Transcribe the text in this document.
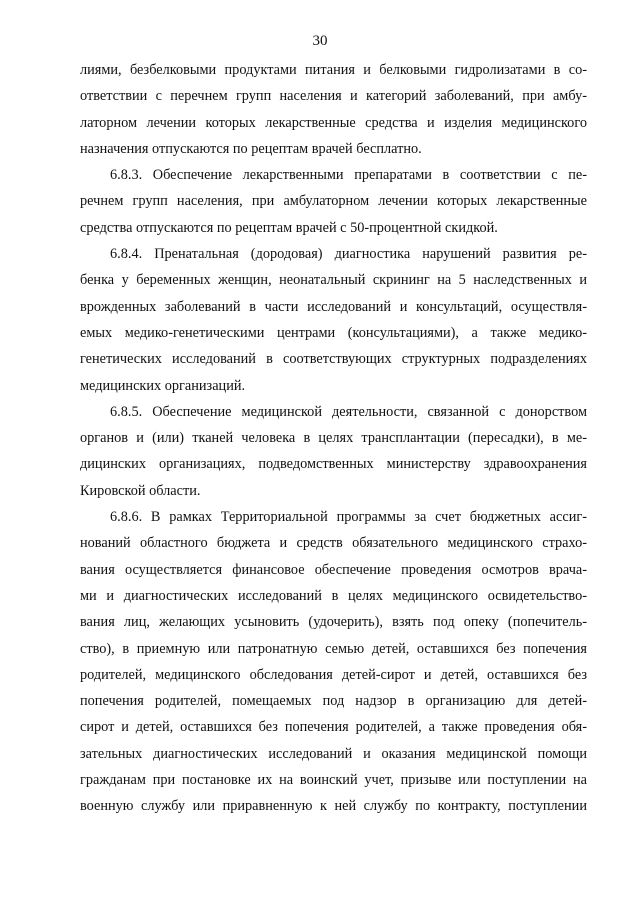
30
лиями, безбелковыми продуктами питания и белковыми гидролизатами в со-
ответствии с перечнем групп населения и категорий заболеваний, при амбу-
латорном лечении которых лекарственные средства и изделия медицинского
назначения отпускаются по рецептам врачей бесплатно.
6.8.3. Обеспечение лекарственными препаратами в соответствии с пе-
речнем групп населения, при амбулаторном лечении которых лекарственные
средства отпускаются по рецептам врачей с 50-процентной скидкой.
6.8.4. Пренатальная (дородовая) диагностика нарушений развития ре-
бенка у беременных женщин, неонатальный скрининг на 5 наследственных и
врожденных заболеваний в части исследований и консультаций, осуществля-
емых медико-генетическими центрами (консультациями), а также медико-
генетических исследований в соответствующих структурных подразделениях
медицинских организаций.
6.8.5. Обеспечение медицинской деятельности, связанной с донорством
органов и (или) тканей человека в целях трансплантации (пересадки), в ме-
дицинских организациях, подведомственных министерству здравоохранения
Кировской области.
6.8.6. В рамках Территориальной программы за счет бюджетных ассиг-
нований областного бюджета и средств обязательного медицинского страхо-
вания осуществляется финансовое обеспечение проведения осмотров врача-
ми и диагностических исследований в целях медицинского освидетельство-
вания лиц, желающих усыновить (удочерить), взять под опеку (попечитель-
ство), в приемную или патронатную семью детей, оставшихся без попечения
родителей, медицинского обследования детей-сирот и детей, оставшихся без
попечения родителей, помещаемых под надзор в организацию для детей-
сирот и детей, оставшихся без попечения родителей, а также проведения обя-
зательных диагностических исследований и оказания медицинской помощи
гражданам при постановке их на воинский учет, призыве или поступлении на
военную службу или приравненную к ней службу по контракту, поступлении
